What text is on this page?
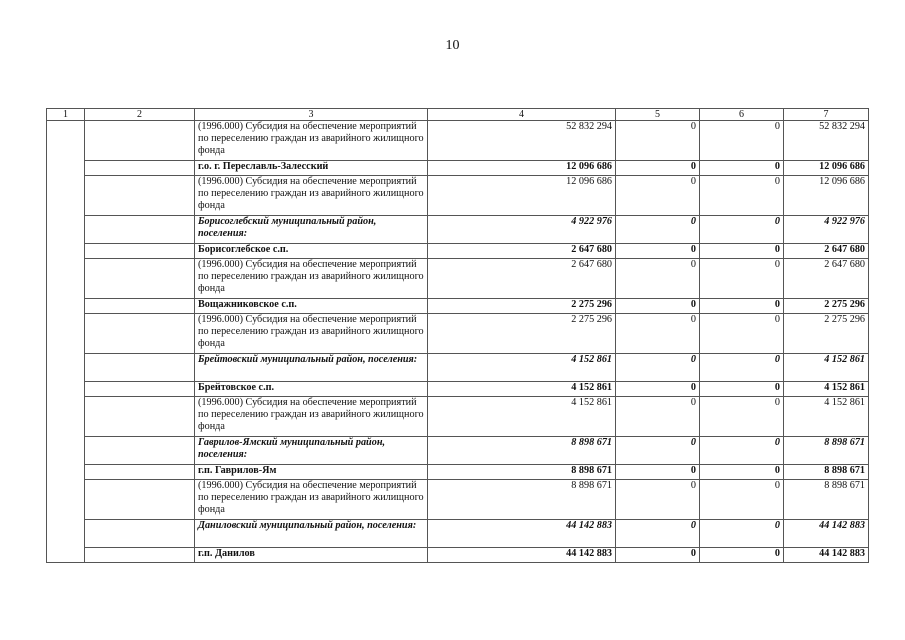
10
1	2	3	4	5	6	7
		(1996.000) Субсидия на обеспечение мероприятий по переселению граждан из аварийного жилищного фонда	52 832 294	0	0	52 832 294
		г.о. г. Переславль-Залесский	12 096 686	0	0	12 096 686
		(1996.000) Субсидия на обеспечение мероприятий по переселению граждан из аварийного жилищного фонда	12 096 686	0	0	12 096 686
		Борисоглебский муниципальный район, поселения:	4 922 976	0	0	4 922 976
		Борисоглебское с.п.	2 647 680	0	0	2 647 680
		(1996.000) Субсидия на обеспечение мероприятий по переселению граждан из аварийного жилищного фонда	2 647 680	0	0	2 647 680
		Вощажниковское с.п.	2 275 296	0	0	2 275 296
		(1996.000) Субсидия на обеспечение мероприятий по переселению граждан из аварийного жилищного фонда	2 275 296	0	0	2 275 296
		Брейтовский муниципальный район, поселения:	4 152 861	0	0	4 152 861
		Брейтовское с.п.	4 152 861	0	0	4 152 861
		(1996.000) Субсидия на обеспечение мероприятий по переселению граждан из аварийного жилищного фонда	4 152 861	0	0	4 152 861
		Гаврилов-Ямский муниципальный район, поселения:	8 898 671	0	0	8 898 671
		г.п. Гаврилов-Ям	8 898 671	0	0	8 898 671
		(1996.000) Субсидия на обеспечение мероприятий по переселению граждан из аварийного жилищного фонда	8 898 671	0	0	8 898 671
		Даниловский муниципальный район, поселения:	44 142 883	0	0	44 142 883
		г.п. Данилов	44 142 883	0	0	44 142 883
